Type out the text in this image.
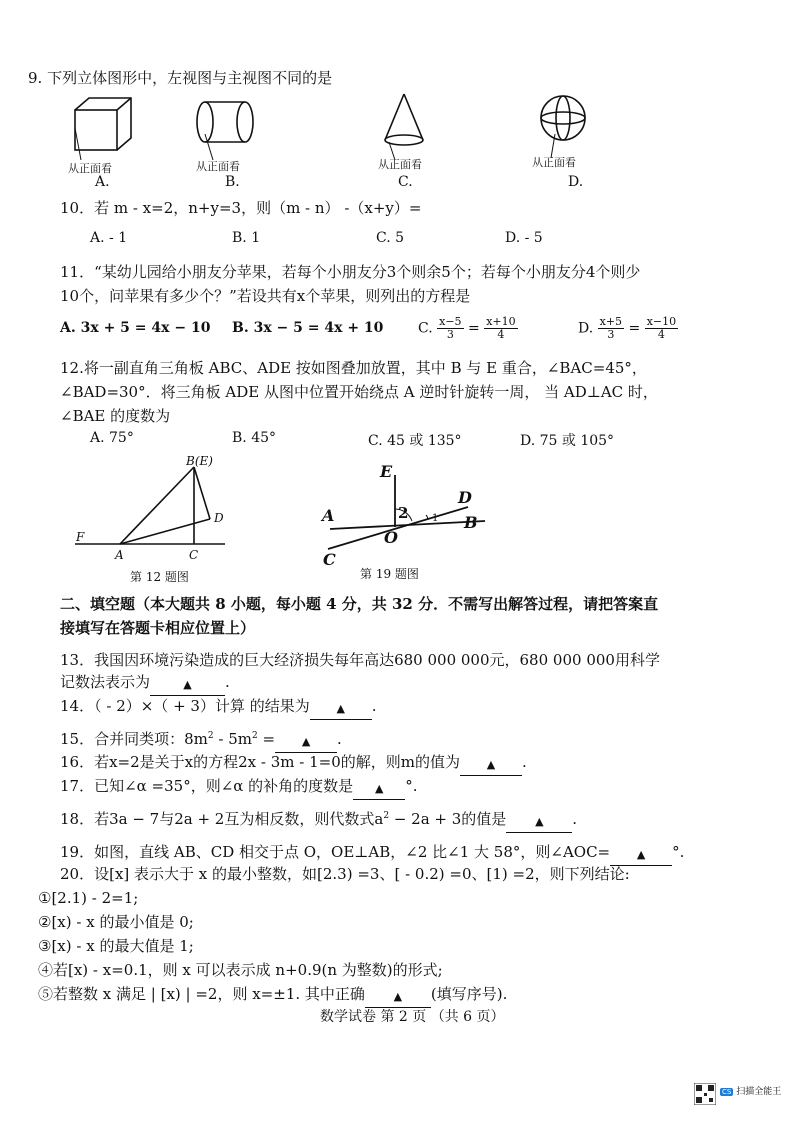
9. 下列立体图形中，左视图与主视图不同的是
从正面看	从正面看	从正面看	从正面看
A.	B.	C.	D.
10．若 m - x=2，n+y=3，则（m - n） -（x+y）=
A. - 1	B. 1	C. 5	D. - 5
11．“某幼儿园给小朋友分苹果，若每个小朋友分3个则余5个；若每个小朋友分4个则少
10个，问苹果有多少个？”若设共有x个苹果，则列出的方程是
A. 3x + 5 = 4x − 10 B. 3x − 5 = 4x + 10 C. $\frac{x-5}{3} = \frac{x+10}{4}$	D. $\frac{x+5}{3} = \frac{x-10}{4}$
12.将一副直角三角板 ABC、ADE 按如图叠加放置，其中 B 与 E 重合，∠BAC=45°，
∠BAD=30°．将三角板 ADE 从图中位置开始绕点 A 逆时针旋转一周， 当 AD⊥AC 时，
∠BAE 的度数为
A. 75°	B. 45°	C. 45 或 135°	D. 75 或 105°
B(E)
D
F
A	C
第 12 题图
E
D
A	2 1 B
O
C
第 19 题图
二、填空题（本大题共 8 小题，每小题 4 分，共 32 分．不需写出解答过程，请把答案直
接填写在答题卡相应位置上）
13．我国因环境污染造成的巨大经济损失每年高达680 000 000元，680 000 000用科学
记数法表示为	▲ .
14．（ - 2）×（ + 3）计算 的结果为 ▲ .
15．合并同类项：$8m^2 - 5m^2$ = ▲ .
16．若x=2是关于x的方程2x - 3m - 1=0的解，则m的值为 ▲ .
17．已知∠α =35°，则∠α 的补角的度数是 ▲ °.
18．若3a − 7与2a + 2互为相反数，则代数式$a^2 - 2a + 3$的值是	▲ .
19．如图，直线 AB、CD 相交于点 O，OE⊥AB，∠2 比∠1 大 58°，则∠AOC= ▲ °.
20．设[x] 表示大于 x 的最小整数，如[2.3) =3、[ - 0.2) =0、[1) =2，则下列结论:
①[2.1) - 2=1;
②[x) - x 的最小值是 0;
③[x) - x 的最大值是 1;
④若[x) - x=0.1，则 x 可以表示成 n+0.9(n 为整数)的形式;
⑤若整数 x 满足 | [x) | =2，则 x=±1. 其中正确	▲ (填写序号).
数学试卷 第 2 页 （共 6 页）
CS 扫描全能王
